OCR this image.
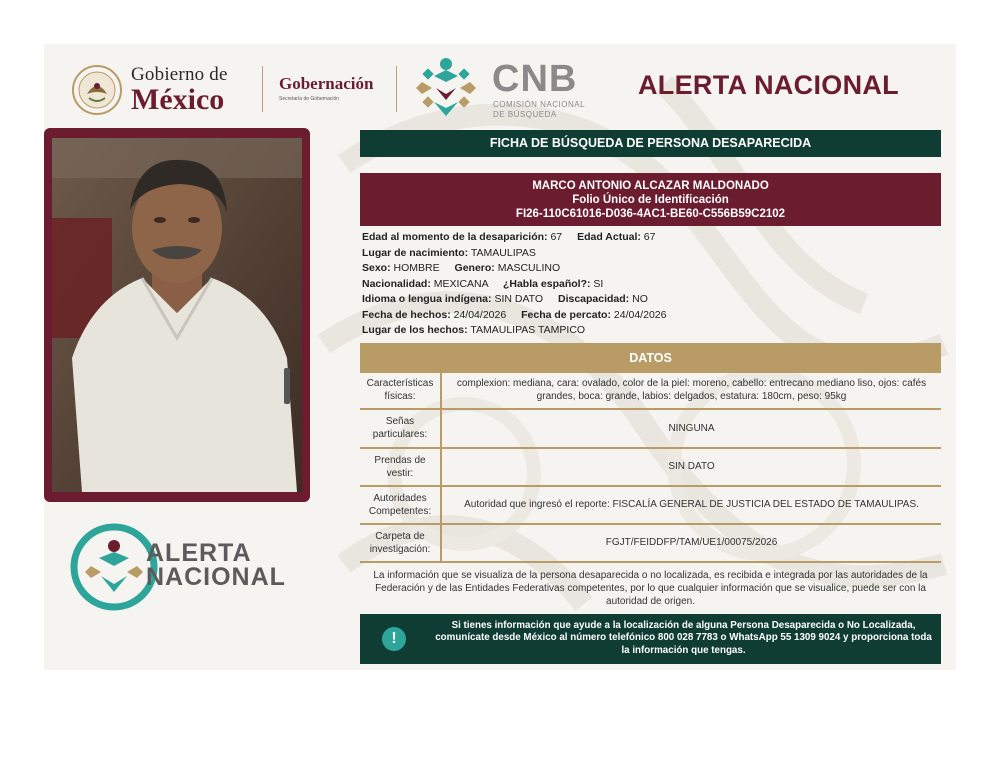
Gobierno de
México	Gobernación
Secretaría de Gobernación	CNB
COMISIÓN NACIONAL
DE BÚSQUEDA
ALERTA NACIONAL
ALERTA
NACIONAL
FICHA DE BÚSQUEDA DE PERSONA DESAPARECIDA
MARCO ANTONIO ALCAZAR MALDONADO
Folio Único de Identificación
FI26-110C61016-D036-4AC1-BE60-C556B59C2102
Edad al momento de la desaparición: 67 Edad Actual: 67
Lugar de nacimiento: TAMAULIPAS
Sexo: HOMBRE Genero: MASCULINO
Nacionalidad: MEXICANA ¿Habla español?: SI
Idioma o lengua indígena: SIN DATO Discapacidad: NO
Fecha de hechos: 24/04/2026 Fecha de percato: 24/04/2026
Lugar de los hechos: TAMAULIPAS TAMPICO
DATOS
Características físicas:	complexion: mediana, cara: ovalado, color de la piel: moreno, cabello: entrecano mediano liso, ojos: cafés grandes, boca: grande, labios: delgados, estatura: 180cm, peso: 95kg
Señas particulares:	NINGUNA
Prendas de vestir:	SIN DATO
Autoridades Competentes:	Autoridad que ingresó el reporte: FISCALÍA GENERAL DE JUSTICIA DEL ESTADO DE TAMAULIPAS.
Carpeta de investigación:	FGJT/FEIDDFP/TAM/UE1/00075/2026
La información que se visualiza de la persona desaparecida o no localizada, es recibida e integrada por las autoridades de la Federación y de las Entidades Federativas competentes, por lo que cualquier información que se visualice, puede ser con la autoridad de origen.
!
Si tienes información que ayude a la localización de alguna Persona Desaparecida o No Localizada, comunícate desde México al número telefónico 800 028 7783 o WhatsApp 55 1309 9024 y proporciona toda la información que tengas.
